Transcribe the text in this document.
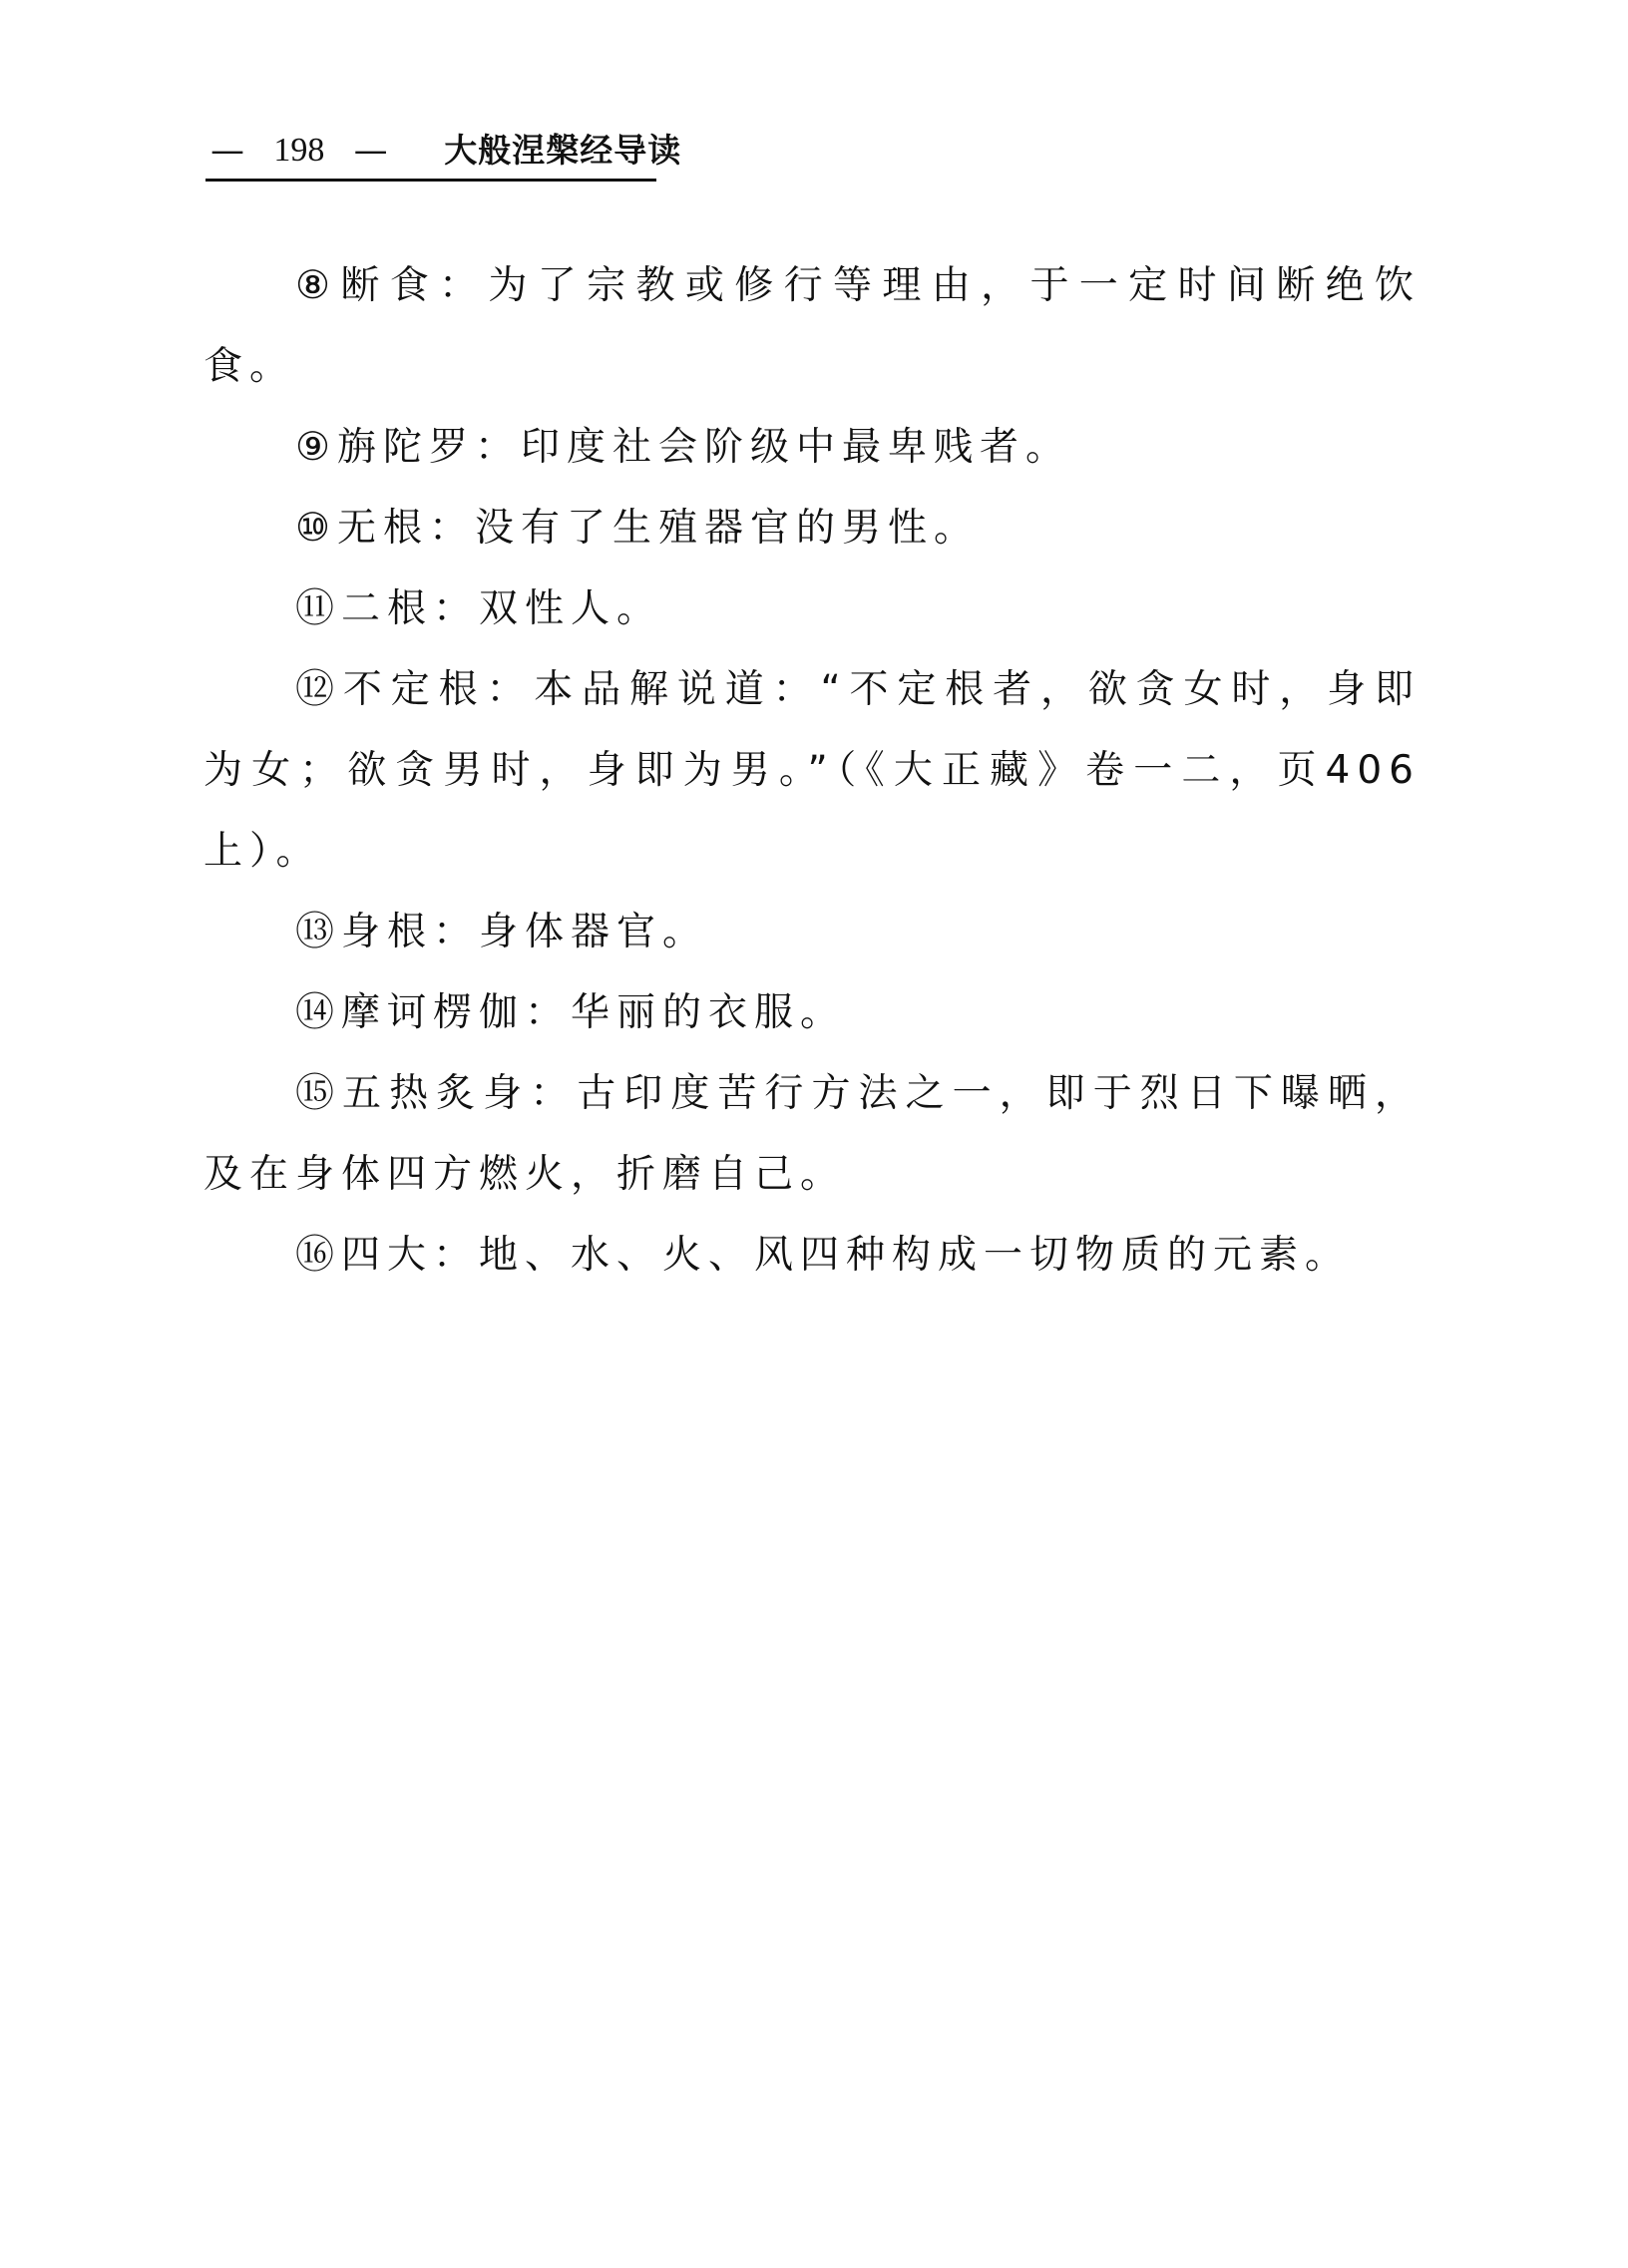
— 198 — 大般涅槃经导读

⑧断食：为了宗教或修行等理由，于一定时间断绝饮食。

⑨旃陀罗：印度社会阶级中最卑贱者。

⑩无根：没有了生殖器官的男性。

⑪二根：双性人。

⑫不定根：本品解说道：“不定根者，欲贪女时，身即为女；欲贪男时，身即为男。”（《大正藏》卷一二，页406上）。

⑬身根：身体器官。

⑭摩诃楞伽：华丽的衣服。

⑮五热炙身：古印度苦行方法之一，即于烈日下曝晒，及在身体四方燃火，折磨自己。

⑯四大：地、水、火、风四种构成一切物质的元素。
